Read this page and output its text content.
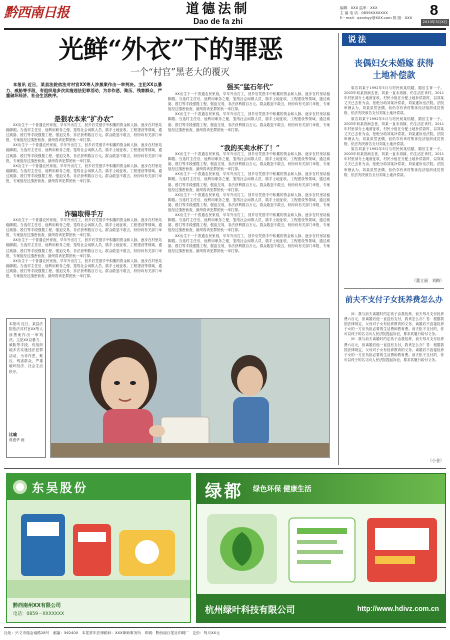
黔西南日报	道德法制
Dao de fa zhi
编辑：XXX 监审：XXX
主 编 电 话：0859XXXXXXX
E－mail：qxnrbyy@XXX.com 排 版：XXX	8
2013年3月X日
光鲜“外衣”下的罪恶
一个“村官”黑老大的覆灭

本报讯 近日，某县法院依法对村官XX等人涉黑案作出一审判决。主犯XX以暴力、威胁等手段，有组织地多次实施违法犯罪活动，为非作恶，欺压、残害群众，严重破坏经济、社会生活秩序。

是狠农本来“扩办农”

XX出生于一个普通农民家庭，早年外出打工，回乡后凭借手中积累的资金和人脉，逐步在村里站稳脚跟。当选村主任后，他利用职务之便，笼络社会闲散人员，插手土地征收、工程建设等领域，通过威胁、殴打等手段强揽工程、强迫交易，非法获利数百万元。群众敢怒不敢言，纷纷向有关部门举报，专案组经过缜密侦查，最终将该犯罪团伙一举打掉。

XX出生于一个普通农民家庭，早年外出打工，回乡后凭借手中积累的资金和人脉，逐步在村里站稳脚跟。当选村主任后，他利用职务之便，笼络社会闲散人员，插手土地征收、工程建设等领域，通过威胁、殴打等手段强揽工程、强迫交易，非法获利数百万元。群众敢怒不敢言，纷纷向有关部门举报，专案组经过缜密侦查，最终将该犯罪团伙一举打掉。

XX出生于一个普通农民家庭，早年外出打工，回乡后凭借手中积累的资金和人脉，逐步在村里站稳脚跟。当选村主任后，他利用职务之便，笼络社会闲散人员，插手土地征收、工程建设等领域，通过威胁、殴打等手段强揽工程、强迫交易，非法获利数百万元。群众敢怒不敢言，纷纷向有关部门举报，专案组经过缜密侦查，最终将该犯罪团伙一举打掉。

诈骗取得手万

XX出生于一个普通农民家庭，早年外出打工，回乡后凭借手中积累的资金和人脉，逐步在村里站稳脚跟。当选村主任后，他利用职务之便，笼络社会闲散人员，插手土地征收、工程建设等领域，通过威胁、殴打等手段强揽工程、强迫交易，非法获利数百万元。群众敢怒不敢言，纷纷向有关部门举报，专案组经过缜密侦查，最终将该犯罪团伙一举打掉。

XX出生于一个普通农民家庭，早年外出打工，回乡后凭借手中积累的资金和人脉，逐步在村里站稳脚跟。当选村主任后，他利用职务之便，笼络社会闲散人员，插手土地征收、工程建设等领域，通过威胁、殴打等手段强揽工程、强迫交易，非法获利数百万元。群众敢怒不敢言，纷纷向有关部门举报，专案组经过缜密侦查，最终将该犯罪团伙一举打掉。

XX出生于一个普通农民家庭，早年外出打工，回乡后凭借手中积累的资金和人脉，逐步在村里站稳脚跟。当选村主任后，他利用职务之便，笼络社会闲散人员，插手土地征收、工程建设等领域，通过威胁、殴打等手段强揽工程、强迫交易，非法获利数百万元。群众敢怒不敢言，纷纷向有关部门举报，专案组经过缜密侦查，最终将该犯罪团伙一举打掉。

强买“猛石年代”

XX出生于一个普通农民家庭，早年外出打工，回乡后凭借手中积累的资金和人脉，逐步在村里站稳脚跟。当选村主任后，他利用职务之便，笼络社会闲散人员，插手土地征收、工程建设等领域，通过威胁、殴打等手段强揽工程、强迫交易，非法获利数百万元。群众敢怒不敢言，纷纷向有关部门举报，专案组经过缜密侦查，最终将该犯罪团伙一举打掉。

XX出生于一个普通农民家庭，早年外出打工，回乡后凭借手中积累的资金和人脉，逐步在村里站稳脚跟。当选村主任后，他利用职务之便，笼络社会闲散人员，插手土地征收、工程建设等领域，通过威胁、殴打等手段强揽工程、强迫交易，非法获利数百万元。群众敢怒不敢言，纷纷向有关部门举报，专案组经过缜密侦查，最终将该犯罪团伙一举打掉。

“我的买卖水杯了！”

XX出生于一个普通农民家庭，早年外出打工，回乡后凭借手中积累的资金和人脉，逐步在村里站稳脚跟。当选村主任后，他利用职务之便，笼络社会闲散人员，插手土地征收、工程建设等领域，通过威胁、殴打等手段强揽工程、强迫交易，非法获利数百万元。群众敢怒不敢言，纷纷向有关部门举报，专案组经过缜密侦查，最终将该犯罪团伙一举打掉。

XX出生于一个普通农民家庭，早年外出打工，回乡后凭借手中积累的资金和人脉，逐步在村里站稳脚跟。当选村主任后，他利用职务之便，笼络社会闲散人员，插手土地征收、工程建设等领域，通过威胁、殴打等手段强揽工程、强迫交易，非法获利数百万元。群众敢怒不敢言，纷纷向有关部门举报，专案组经过缜密侦查，最终将该犯罪团伙一举打掉。

XX出生于一个普通农民家庭，早年外出打工，回乡后凭借手中积累的资金和人脉，逐步在村里站稳脚跟。当选村主任后，他利用职务之便，笼络社会闲散人员，插手土地征收、工程建设等领域，通过威胁、殴打等手段强揽工程、强迫交易，非法获利数百万元。群众敢怒不敢言，纷纷向有关部门举报，专案组经过缜密侦查，最终将该犯罪团伙一举打掉。

XX出生于一个普通农民家庭，早年外出打工，回乡后凭借手中积累的资金和人脉，逐步在村里站稳脚跟。当选村主任后，他利用职务之便，笼络社会闲散人员，插手土地征收、工程建设等领域，通过威胁、殴打等手段强揽工程、强迫交易，非法获利数百万元。群众敢怒不敢言，纷纷向有关部门举报，专案组经过缜密侦查，最终将该犯罪团伙一举打掉。

XX出生于一个普通农民家庭，早年外出打工，回乡后凭借手中积累的资金和人脉，逐步在村里站稳脚跟。当选村主任后，他利用职务之便，笼络社会闲散人员，插手土地征收、工程建设等领域，通过威胁、殴打等手段强揽工程、强迫交易，非法获利数百万元。群众敢怒不敢言，纷纷向有关部门举报，专案组经过缜密侦查，最终将该犯罪团伙一举打掉。

本报讯 近日，某县法院依法对村官XX等人涉黑案作出一审判决。主犯XX以暴力、威胁等手段，有组织地多次实施违法犯罪活动，为非作恶，欺压、残害群众，严重破坏经济、社会生活秩序。

比喻
蒋惠华 画
说法
丧偶妇女未婚嫁 获得土地补偿款

原告刘某于1992年5月与村民何某结婚，婚后生育一子。2003年何某因病去世，刘某一直未再嫁，仍生活在该村。2011年村里部分土地被征收，村民小组在分配土地补偿款时，以刘某丈夫已去世为由，拒绝分给刘某补偿款，刘某遂诉至法院。法院审理认为，刘某虽然丧偶，但仍享有该村集体经济组织成员资格，依法判决被告支付刘某土地补偿款。

原告刘某于1992年5月与村民何某结婚，婚后生育一子。2003年何某因病去世，刘某一直未再嫁，仍生活在该村。2011年村里部分土地被征收，村民小组在分配土地补偿款时，以刘某丈夫已去世为由，拒绝分给刘某补偿款，刘某遂诉至法院。法院审理认为，刘某虽然丧偶，但仍享有该村集体经济组织成员资格，依法判决被告支付刘某土地补偿款。

原告刘某于1992年5月与村民何某结婚，婚后生育一子。2003年何某因病去世，刘某一直未再嫁，仍生活在该村。2011年村里部分土地被征收，村民小组在分配土地补偿款时，以刘某丈夫已去世为由，拒绝分给刘某补偿款，刘某遂诉至法院。法院审理认为，刘某虽然丧偶，但仍享有该村集体经济组织成员资格，依法判决被告支付刘某土地补偿款。

（董立丽　刘梅）
前夫不支付子女抚养费怎么办

问：我与前夫离婚时约定孩子由我抚养，前夫每月支付抚养费六百元，但离婚后他一直没有支付，我该怎么办？答：根据我国法律规定，父母对子女有抚养教育的义务，离婚后不直接抚养子女的一方应负担必要的生活费和教育费。前夫拒不支付的，你可以孩子的名义向人民法院提起诉讼，要求其履行给付义务。

问：我与前夫离婚时约定孩子由我抚养，前夫每月支付抚养费六百元，但离婚后他一直没有支付，我该怎么办？答：根据我国法律规定，父母对子女有抚养教育的义务，离婚后不直接抚养子女的一方应负担必要的生活费和教育费。前夫拒不支付的，你可以孩子的名义向人民法院提起诉讼，要求其履行给付义务。

（小金）
东吴股份
黔西南州XX有限公司
电话：0859－XXXXXXX
绿都 绿色环保 健康生活
杭州绿叶科技有限公司	http://www.hdivz.com.cn
社址：兴义市瑞金南路28号　邮编：562400　本报常年法律顾问：XXX律师事务所　印刷：黔西南日报社印刷厂　定价：每月XX元
